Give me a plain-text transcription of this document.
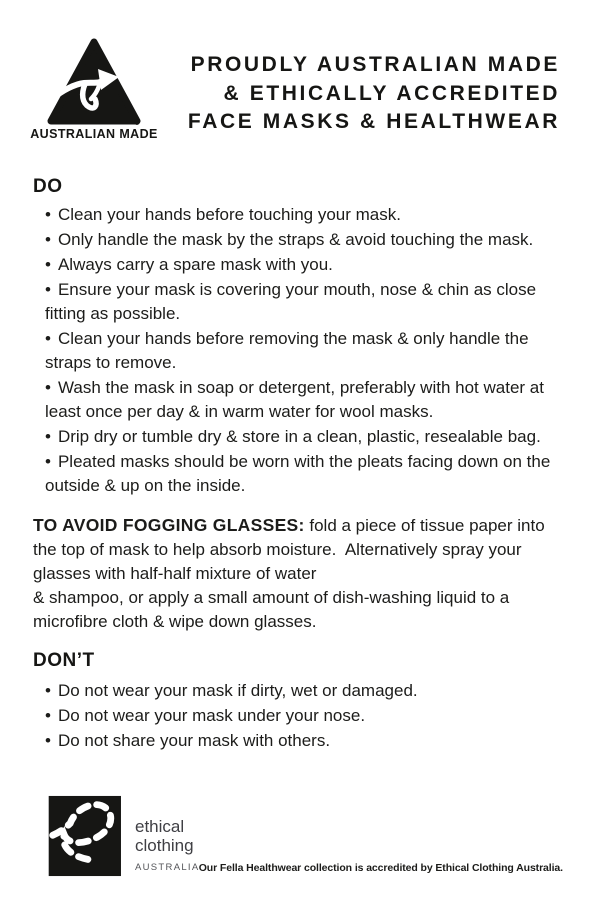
®
AUSTRALIAN MADE
PROUDLY AUSTRALIAN MADE
& ETHICALLY ACCREDITED
FACE MASKS & HEALTHWEAR
DO
• Clean your hands before touching your mask.
• Only handle the mask by the straps & avoid touching the mask.
• Always carry a spare mask with you.
• Ensure your mask is covering your mouth, nose & chin as close fitting as possible.
• Clean your hands before removing the mask & only handle the straps to remove.
• Wash the mask in soap or detergent, preferably with hot water at  least once per day & in warm water for wool masks.
• Drip dry or tumble dry & store in a clean, plastic, resealable bag.
• Pleated masks should be worn with the pleats facing down on the  outside & up on the inside.

TO AVOID FOGGING GLASSES: fold a piece of tissue paper into the top of mask to help absorb moisture.  Alternatively spray your glasses with half-half mixture of water
& shampoo, or apply a small amount of dish-washing liquid to a microfibre cloth & wipe down glasses.

DON’T
• Do not wear your mask if dirty, wet or damaged.
• Do not wear your mask under your nose.
• Do not share your mask with others.
ethical
clothing
AUSTRALIA Our Fella Healthwear collection is accredited by Ethical Clothing Australia.
